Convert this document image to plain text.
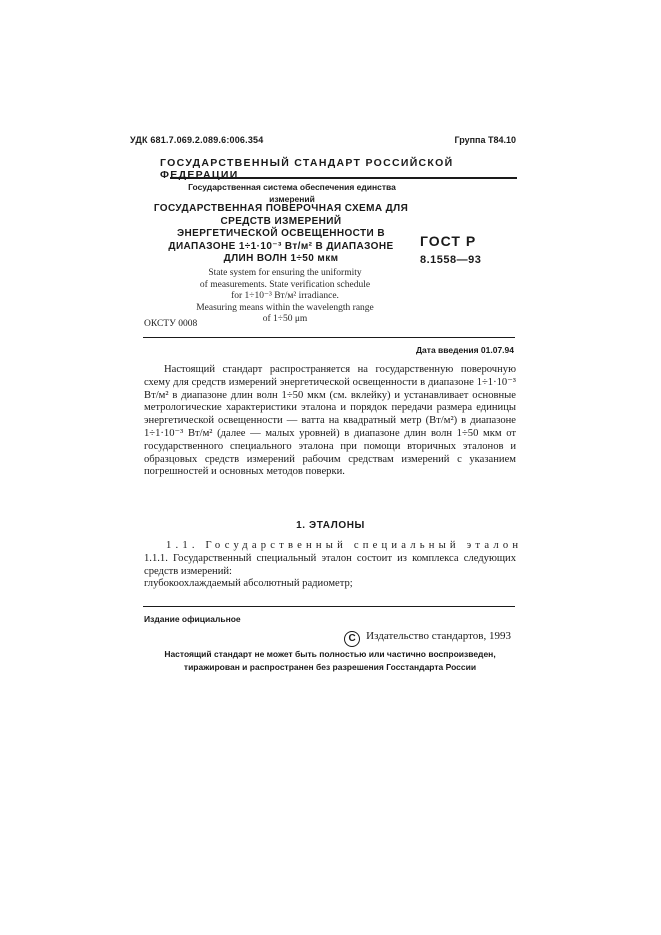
УДК 681.7.069.2.089.6:006.354	Группа Т84.10
ГОСУДАРСТВЕННЫЙ СТАНДАРТ РОССИЙСКОЙ ФЕДЕРАЦИИ
Государственная система обеспечения единства
измерений
ГОСУДАРСТВЕННАЯ ПОВЕРОЧНАЯ СХЕМА ДЛЯ
СРЕДСТВ ИЗМЕРЕНИЙ
ЭНЕРГЕТИЧЕСКОЙ ОСВЕЩЕННОСТИ В
ДИАПАЗОНЕ 1÷1·10⁻³ Вт/м² В ДИАПАЗОНЕ
ДЛИН ВОЛН 1÷50 мкм
ГОСТ Р
8.1558—93
State system for ensuring the uniformity
of measurements. State verification schedule
for 1÷10⁻³ Вт/м² irradiance.
Measuring means within the wavelength range
of 1÷50 μm
ОКСТУ 0008
Дата введения 01.07.94
Настоящий стандарт распространяется на государственную поверочную схему для средств измерений энергетической освещенности в диапазоне 1÷1·10⁻³ Вт/м² в диапазоне длин волн 1÷50 мкм (см. вклейку) и устанавливает основные метрологические характеристики эталона и порядок передачи размера единицы энергетической освещенности — ватта на квадратный метр (Вт/м²) в диапазоне 1÷1·10⁻³ Вт/м² (далее — малых уровней) в диапазоне длин волн 1÷50 мкм от государственного специального эталона при помощи вторичных эталонов и образцовых средств измерений рабочим средствам измерений с указанием погрешностей и основных методов поверки.
1. ЭТАЛОНЫ
1.1. Государственный специальный эталон
1.1.1. Государственный специальный эталон состоит из комплекса следующих средств измерений:
глубокоохлаждаемый абсолютный радиометр;
Издание официальное
C Издательство стандартов, 1993
Настоящий стандарт не может быть полностью или частично воспроизведен, тиражирован и распространен без разрешения Госстандарта России
